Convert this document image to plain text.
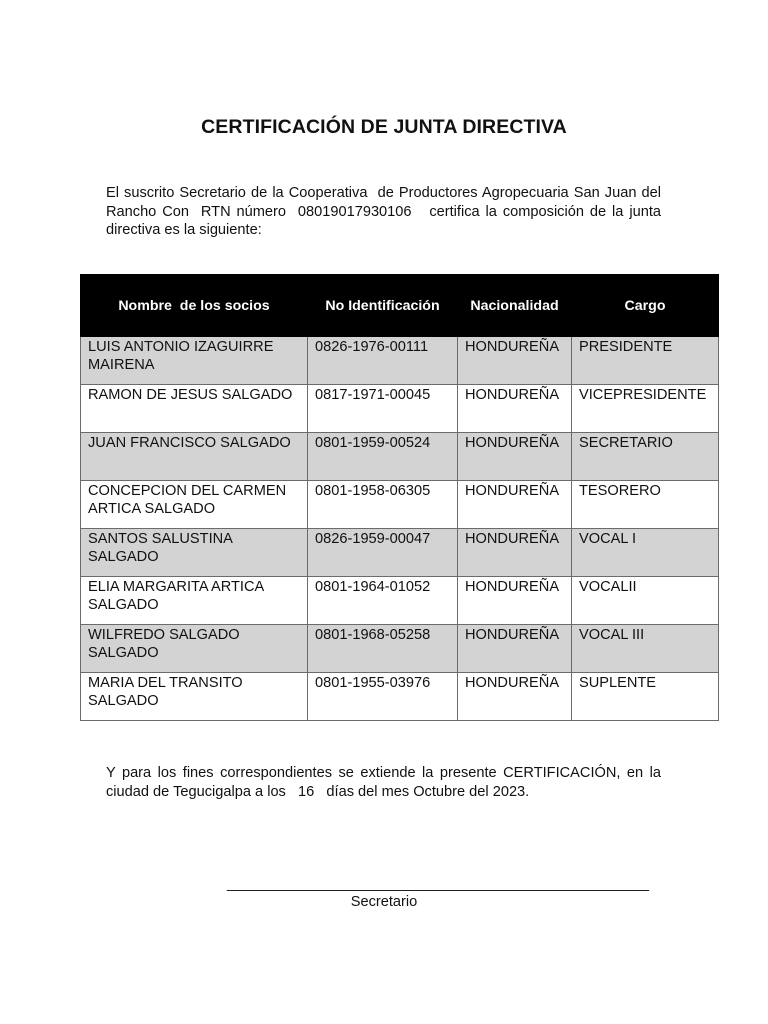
CERTIFICACIÓN DE JUNTA DIRECTIVA
El suscrito Secretario de la Cooperativa  de Productores Agropecuaria San Juan del Rancho Con  RTN número  08019017930106   certifica la composición de la junta directiva es la siguiente:
Nombre  de los socios	No Identificación	Nacionalidad	Cargo
LUIS ANTONIO IZAGUIRRE MAIRENA	0826-1976-00111	HONDUREÑA	PRESIDENTE
RAMON DE JESUS SALGADO	0817-1971-00045	HONDUREÑA	VICEPRESIDENTE
JUAN FRANCISCO SALGADO	0801-1959-00524	HONDUREÑA	SECRETARIO
CONCEPCION DEL CARMEN ARTICA SALGADO	0801-1958-06305	HONDUREÑA	TESORERO
SANTOS SALUSTINA SALGADO	0826-1959-00047	HONDUREÑA	VOCAL I
ELIA MARGARITA ARTICA SALGADO	0801-1964-01052	HONDUREÑA	VOCALII
WILFREDO SALGADO SALGADO	0801-1968-05258	HONDUREÑA	VOCAL III
MARIA DEL TRANSITO SALGADO	0801-1955-03976	HONDUREÑA	SUPLENTE
Y para los fines correspondientes se extiende la presente CERTIFICACIÓN, en la ciudad de Tegucigalpa a los   16   días del mes Octubre del 2023.
____________________________________________________
Secretario
